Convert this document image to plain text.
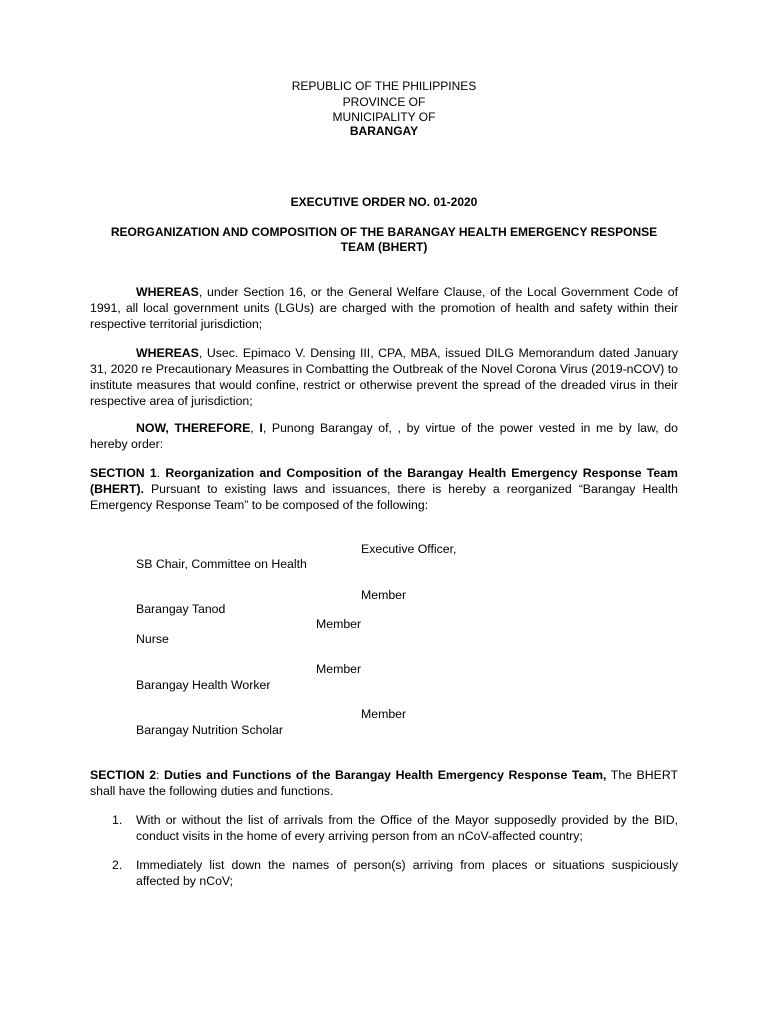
REPUBLIC OF THE PHILIPPINES
PROVINCE OF
MUNICIPALITY OF
BARANGAY
EXECUTIVE ORDER NO. 01-2020
REORGANIZATION AND COMPOSITION OF THE BARANGAY HEALTH EMERGENCY RESPONSE
TEAM (BHERT)

WHEREAS, under Section 16, or the General Welfare Clause, of the Local Government Code of 1991, all local government units (LGUs) are charged with the promotion of health and safety within their respective territorial jurisdiction;

WHEREAS, Usec. Epimaco V. Densing III, CPA, MBA, issued DILG Memorandum dated January 31, 2020 re Precautionary Measures in Combatting the Outbreak of the Novel Corona Virus (2019-nCOV) to institute measures that would confine, restrict or otherwise prevent the spread of the dreaded virus in their respective area of jurisdiction;

NOW, THEREFORE, I, Punong Barangay of, , by virtue of the power vested in me by law, do hereby order:

SECTION 1. Reorganization and Composition of the Barangay Health Emergency Response Team (BHERT). Pursuant to existing laws and issuances, there is hereby a reorganized “Barangay Health Emergency Response Team” to be composed of the following:

Executive Officer,
SB Chair, Committee on Health
Member
Barangay Tanod
Member
Nurse
Member
Barangay Health Worker
Member
Barangay Nutrition Scholar

SECTION 2: Duties and Functions of the Barangay Health Emergency Response Team, The BHERT shall have the following duties and functions.

1. With or without the list of arrivals from the Office of the Mayor supposedly provided by the BID, conduct visits in the home of every arriving person from an nCoV-affected country;

2. Immediately list down the names of person(s) arriving from places or situations suspiciously affected by nCoV;
